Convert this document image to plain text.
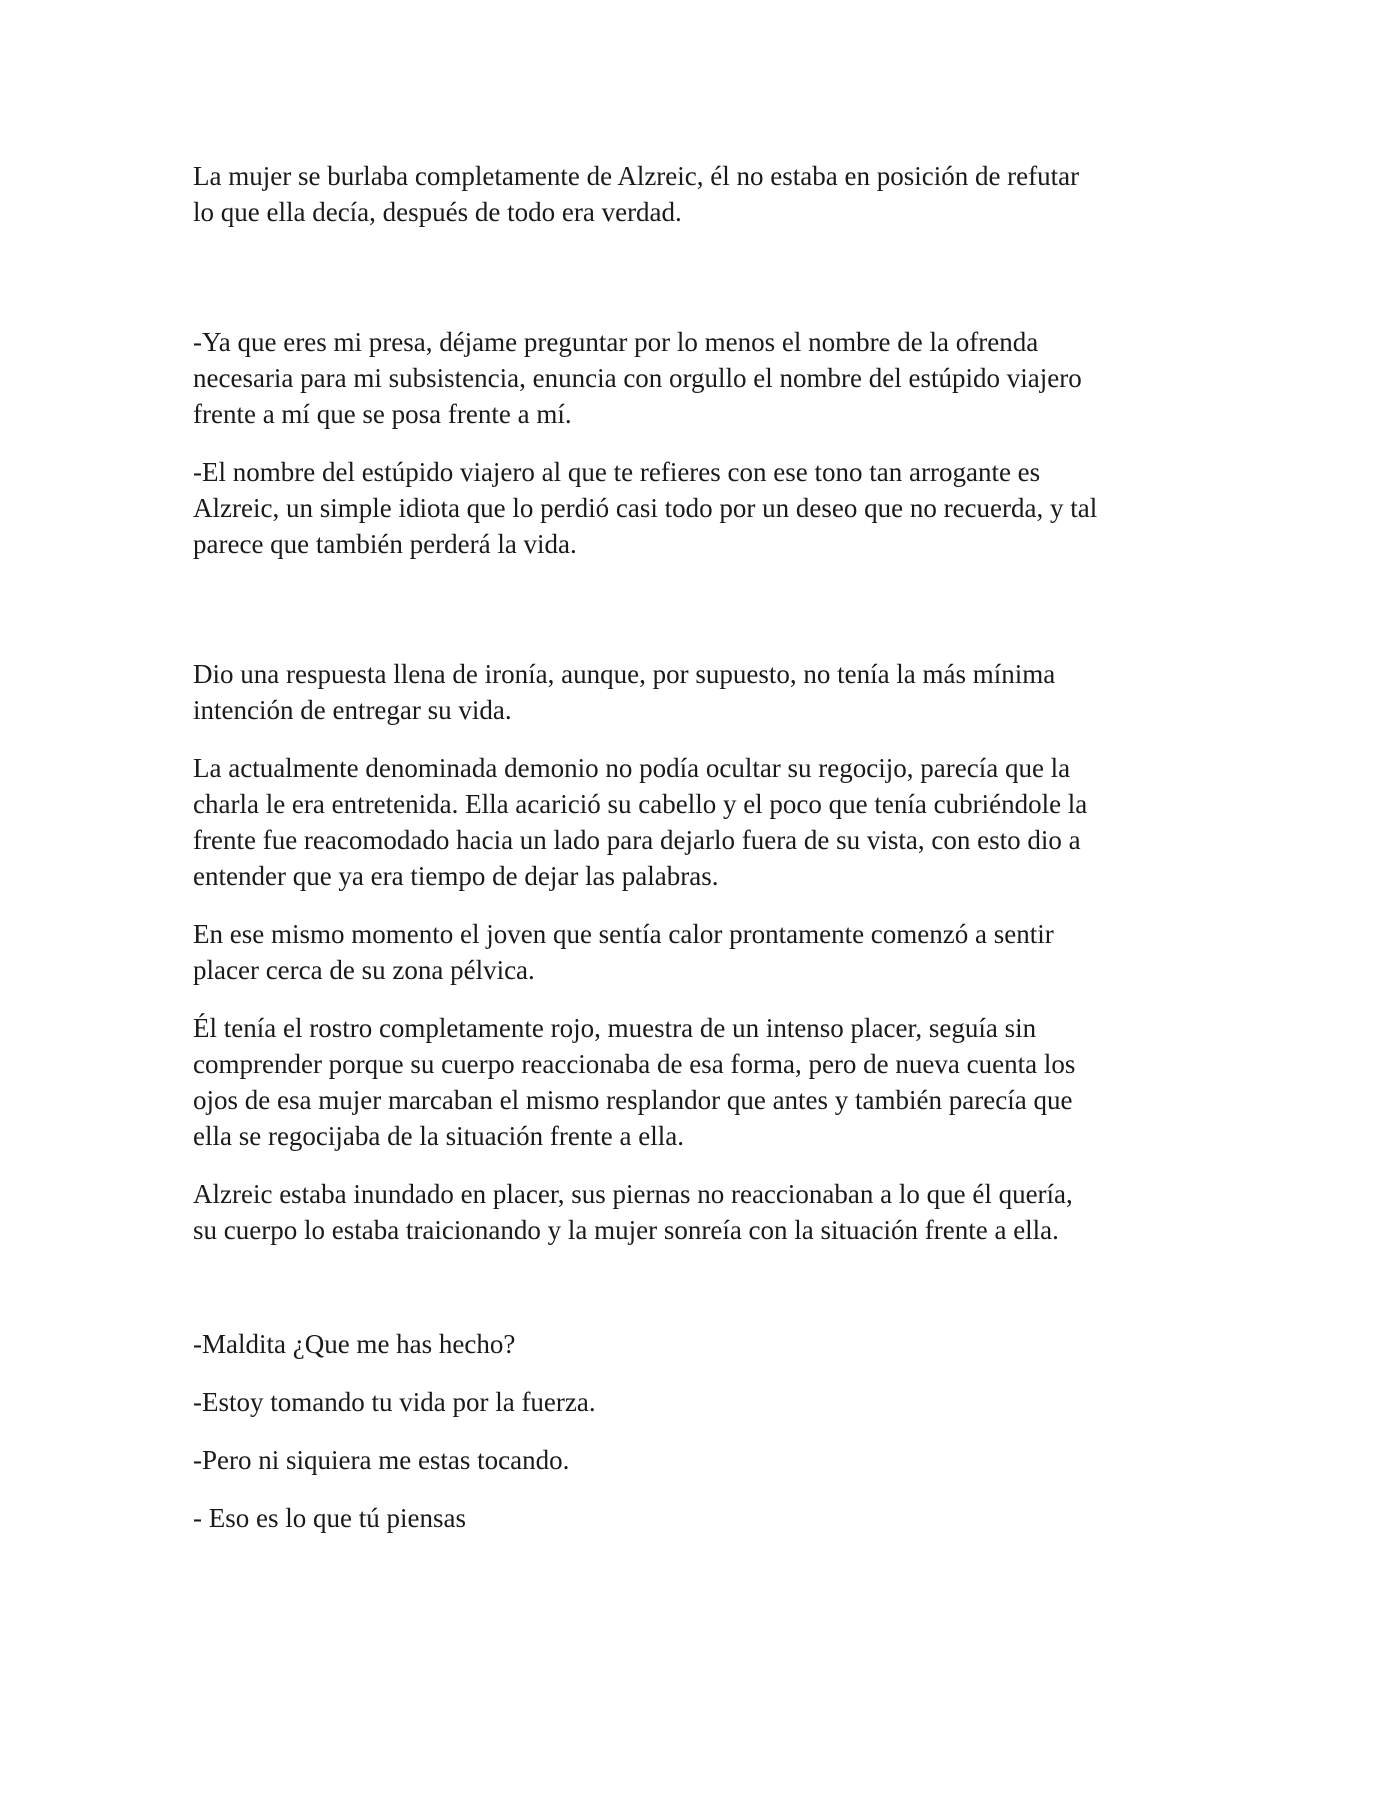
La mujer se burlaba completamente de Alzreic, él no estaba en posición de refutar
lo que ella decía, después de todo era verdad.

-Ya que eres mi presa, déjame preguntar por lo menos el nombre de la ofrenda
necesaria para mi subsistencia, enuncia con orgullo el nombre del estúpido viajero
frente a mí que se posa frente a mí.

-El nombre del estúpido viajero al que te refieres con ese tono tan arrogante es
Alzreic, un simple idiota que lo perdió casi todo por un deseo que no recuerda, y tal
parece que también perderá la vida.

Dio una respuesta llena de ironía, aunque, por supuesto, no tenía la más mínima
intención de entregar su vida.

La actualmente denominada demonio no podía ocultar su regocijo, parecía que la
charla le era entretenida. Ella acarició su cabello y el poco que tenía cubriéndole la
frente fue reacomodado hacia un lado para dejarlo fuera de su vista, con esto dio a
entender que ya era tiempo de dejar las palabras.

En ese mismo momento el joven que sentía calor prontamente comenzó a sentir
placer cerca de su zona pélvica.

Él tenía el rostro completamente rojo, muestra de un intenso placer, seguía sin
comprender porque su cuerpo reaccionaba de esa forma, pero de nueva cuenta los
ojos de esa mujer marcaban el mismo resplandor que antes y también parecía que
ella se regocijaba de la situación frente a ella.

Alzreic estaba inundado en placer, sus piernas no reaccionaban a lo que él quería,
su cuerpo lo estaba traicionando y la mujer sonreía con la situación frente a ella.

-Maldita ¿Que me has hecho?

-Estoy tomando tu vida por la fuerza.

-Pero ni siquiera me estas tocando.

- Eso es lo que tú piensas
